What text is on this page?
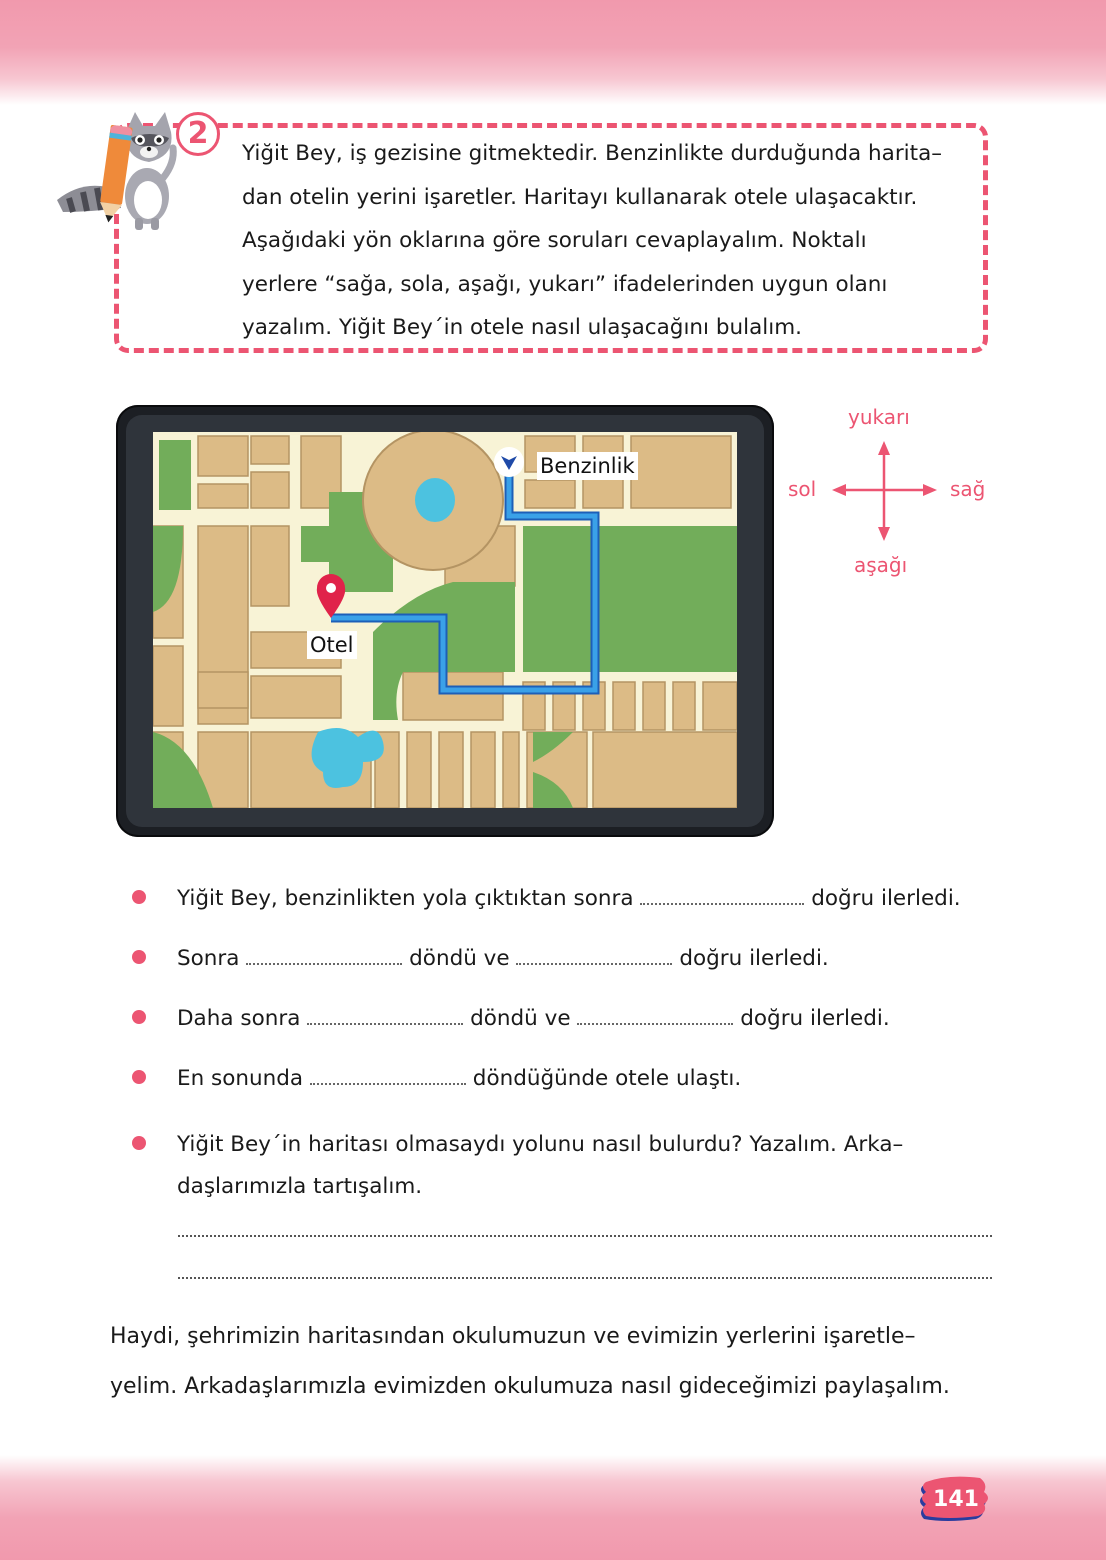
2
Yiğit Bey, iş gezisine gitmektedir. Benzinlikte durduğunda harita–
dan otelin yerini işaretler. Haritayı kullanarak otele ulaşacaktır.
Aşağıdaki yön oklarına göre soruları cevaplayalım. Noktalı
yerlere “sağa, sola, aşağı, yukarı” ifadelerinden uygun olanı
yazalım. Yiğit Bey´in otele nasıl ulaşacağını bulalım.
Benzinlik
Otel
yukarı
aşağı
sol	sağ
Yiğit Bey, benzinlikten yola çıktıktan sonra	doğru ilerledi.
Sonra	döndü ve	doğru ilerledi.
Daha sonra	döndü ve	doğru ilerledi.
En sonunda	döndüğünde otele ulaştı.
Yiğit Bey´in haritası olmasaydı yolunu nasıl bulurdu? Yazalım. Arka–
daşlarımızla tartışalım.
Haydi, şehrimizin haritasından okulumuzun ve evimizin yerlerini işaretle–
yelim. Arkadaşlarımızla evimizden okulumuza nasıl gideceğimizi paylaşalım.
141
